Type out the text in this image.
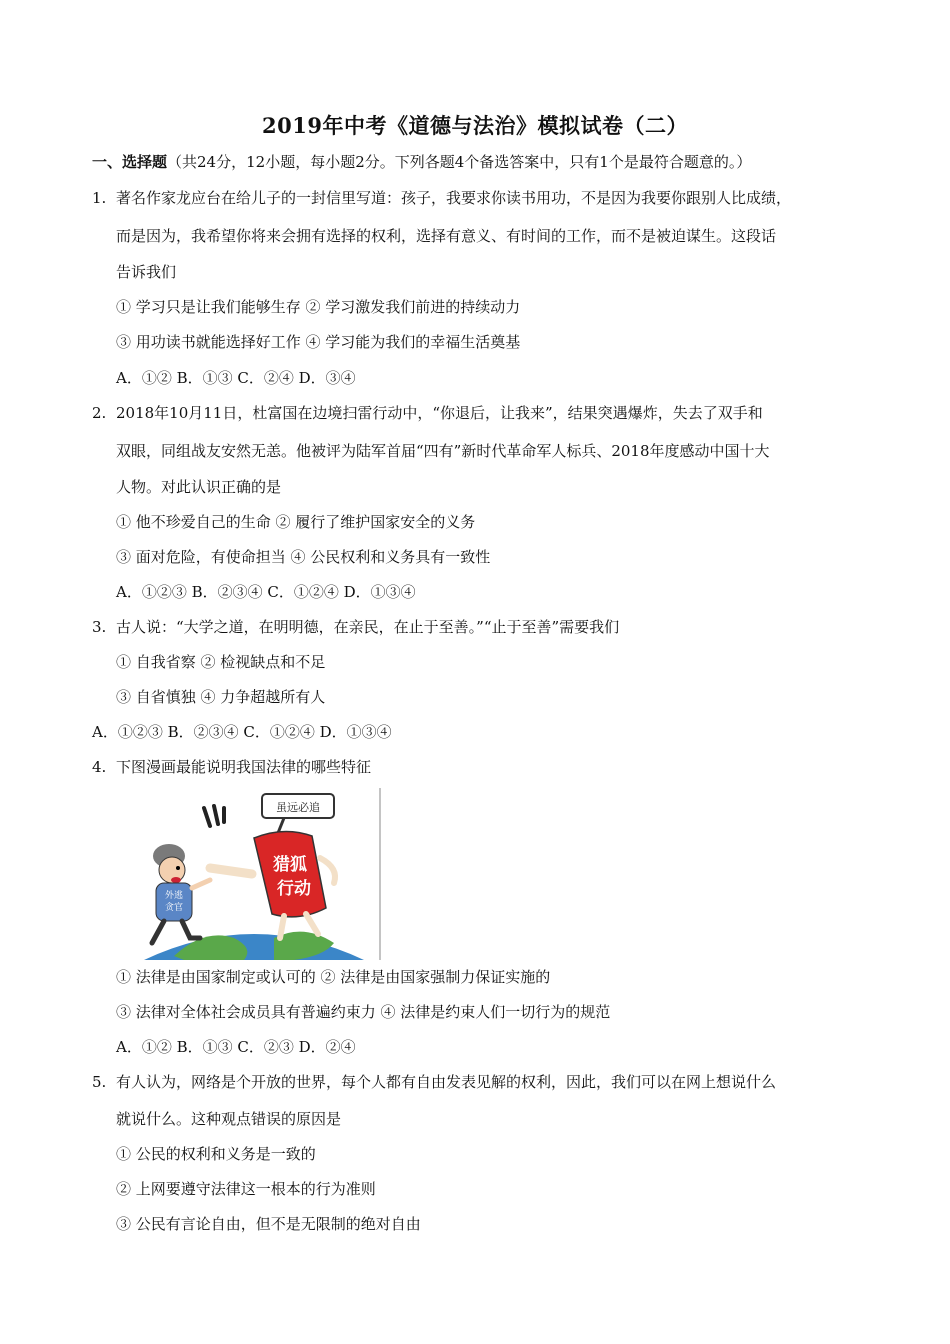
2019年中考《道德与法治》模拟试卷（二）
一、选择题（共24分，12小题，每小题2分。下列各题4个备选答案中，只有1个是最符合题意的。）
1. 著名作家龙应台在给儿子的一封信里写道：孩子，我要求你读书用功，不是因为我要你跟别人比成绩，
而是因为，我希望你将来会拥有选择的权利，选择有意义、有时间的工作，而不是被迫谋生。这段话
告诉我们
① 学习只是让我们能够生存 ② 学习激发我们前进的持续动力
③ 用功读书就能选择好工作 ④ 学习能为我们的幸福生活奠基
A．①② B．①③ C．②④ D．③④
2. 2018年10月11日，杜富国在边境扫雷行动中，“你退后，让我来”，结果突遇爆炸，失去了双手和
双眼，同组战友安然无恙。他被评为陆军首届“四有”新时代革命军人标兵、2018年度感动中国十大
人物。对此认识正确的是
① 他不珍爱自己的生命 ② 履行了维护国家安全的义务
③ 面对危险，有使命担当 ④ 公民权利和义务具有一致性
A．①②③ B．②③④ C．①②④ D．①③④
3. 古人说：“大学之道，在明明德，在亲民，在止于至善。”“止于至善”需要我们
① 自我省察 ② 检视缺点和不足
③ 自省慎独 ④ 力争超越所有人
A．①②③ B．②③④ C．①②④ D．①③④
4. 下图漫画最能说明我国法律的哪些特征
外逃
贪官
虽远必追
猎狐
行动
① 法律是由国家制定或认可的 ② 法律是由国家强制力保证实施的
③ 法律对全体社会成员具有普遍约束力 ④ 法律是约束人们一切行为的规范
A．①② B．①③ C．②③ D．②④
5. 有人认为，网络是个开放的世界，每个人都有自由发表见解的权利，因此，我们可以在网上想说什么
就说什么。这种观点错误的原因是
① 公民的权利和义务是一致的
② 上网要遵守法律这一根本的行为准则
③ 公民有言论自由，但不是无限制的绝对自由
